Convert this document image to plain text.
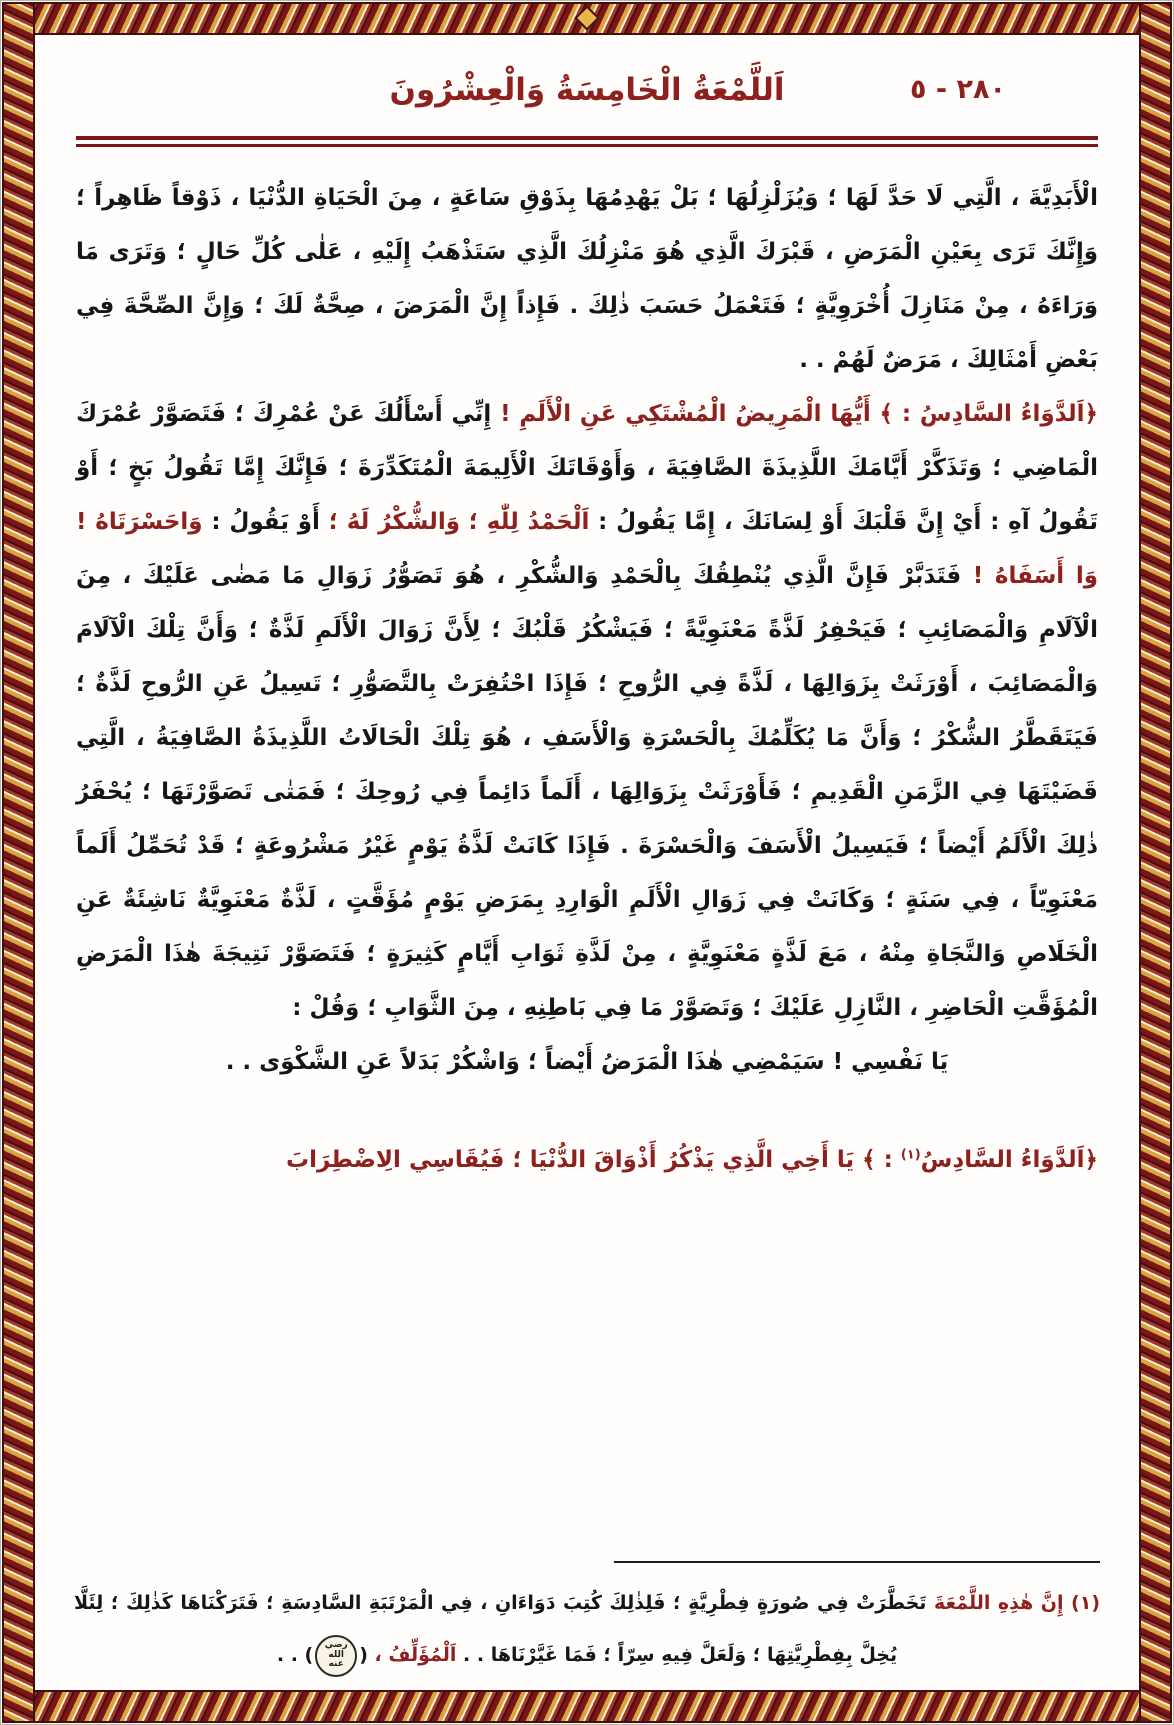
٢٨٠ - ٥
اَللَّمْعَةُ الْخَامِسَةُ وَالْعِشْرُونَ

الْأَبَدِيَّةَ ، الَّتِي لَا حَدَّ لَهَا ؛ وَيُزَلْزِلُهَا ؛ بَلْ يَهْدِمُهَا بِذَوْقِ سَاعَةٍ ، مِنَ الْحَيَاةِ الدُّنْيَا ، ذَوْقاً ظَاهِراً ؛ وَإِنَّكَ تَرَى بِعَيْنِ الْمَرَضِ ، قَبْرَكَ الَّذِي هُوَ مَنْزِلُكَ الَّذِي سَتَذْهَبُ إِلَيْهِ ، عَلٰى كُلِّ حَالٍ ؛ وَتَرَى مَا وَرَاءَهُ ، مِنْ مَنَازِلَ أُخْرَوِيَّةٍ ؛ فَتَعْمَلُ حَسَبَ ذٰلِكَ . فَإِذاً إِنَّ الْمَرَضَ ، صِحَّةٌ لَكَ ؛ وَإِنَّ الصِّحَّةَ فِي بَعْضِ أَمْثَالِكَ ، مَرَضٌ لَهُمْ . .

﴿اَلدَّوَاءُ السَّادِسُ : ﴾ أَيُّهَا الْمَرِيضُ الْمُشْتَكِي عَنِ الْأَلَمِ ! إِنِّي أَسْأَلُكَ عَنْ عُمْرِكَ ؛ فَتَصَوَّرْ عُمْرَكَ الْمَاضِي ؛ وَتَذَكَّرْ أَيَّامَكَ اللَّذِيذَةَ الصَّافِيَةَ ، وَأَوْقَاتَكَ الْأَلِيمَةَ الْمُتَكَدِّرَةَ ؛ فَإِنَّكَ إِمَّا تَقُولُ بَخٍ ؛ أَوْ تَقُولُ آهِ : أَيْ إِنَّ قَلْبَكَ أَوْ لِسَانَكَ ، إِمَّا يَقُولُ : اَلْحَمْدُ لِلّٰهِ ؛ وَالشُّكْرُ لَهُ ؛ أَوْ يَقُولُ : وَاحَسْرَتَاهُ ! وَا أَسَفَاهُ ! فَتَدَبَّرْ فَإِنَّ الَّذِي يُنْطِقُكَ بِالْحَمْدِ وَالشُّكْرِ ، هُوَ تَصَوُّرُ زَوَالِ مَا مَضٰى عَلَيْكَ ، مِنَ الْآلَامِ وَالْمَصَائِبِ ؛ فَيَحْفِرُ لَذَّةً مَعْنَوِيَّةً ؛ فَيَشْكُرُ قَلْبُكَ ؛ لِأَنَّ زَوَالَ الْأَلَمِ لَذَّةٌ ؛ وَأَنَّ تِلْكَ الْآلَامَ وَالْمَصَائِبَ ، أَوْرَثَتْ بِزَوَالِهَا ، لَذَّةً فِي الرُّوحِ ؛ فَإِذَا احْتُفِرَتْ بِالتَّصَوُّرِ ؛ تَسِيلُ عَنِ الرُّوحِ لَذَّةٌ ؛ فَيَتَقَطَّرُ الشُّكْرُ ؛ وَأَنَّ مَا يُكَلِّمُكَ بِالْحَسْرَةِ وَالْأَسَفِ ، هُوَ تِلْكَ الْحَالَاتُ اللَّذِيذَةُ الصَّافِيَةُ ، الَّتِي قَضَيْتَهَا فِي الزَّمَنِ الْقَدِيمِ ؛ فَأَوْرَثَتْ بِزَوَالِهَا ، أَلَماً دَائِماً فِي رُوحِكَ ؛ فَمَتٰى تَصَوَّرْتَهَا ؛ يُحْفَرُ ذٰلِكَ الْأَلَمُ أَيْضاً ؛ فَيَسِيلُ الْأَسَفَ وَالْحَسْرَةَ . فَإِذَا كَانَتْ لَذَّةُ يَوْمٍ غَيْرُ مَشْرُوعَةٍ ؛ قَدْ تُحَمِّلُ أَلَماً مَعْنَوِيّاً ، فِي سَنَةٍ ؛ وَكَانَتْ فِي زَوَالِ الْأَلَمِ الْوَارِدِ بِمَرَضِ يَوْمٍ مُؤَقَّتٍ ، لَذَّةٌ مَعْنَوِيَّةٌ نَاشِئَةٌ عَنِ الْخَلَاصِ وَالنَّجَاةِ مِنْهُ ، مَعَ لَذَّةٍ مَعْنَوِيَّةٍ ، مِنْ لَذَّةِ ثَوَابِ أَيَّامٍ كَثِيرَةٍ ؛ فَتَصَوَّرْ نَتِيجَةَ هٰذَا الْمَرَضِ الْمُؤَقَّتِ الْحَاضِرِ ، النَّازِلِ عَلَيْكَ ؛ وَتَصَوَّرْ مَا فِي بَاطِنِهِ ، مِنَ الثَّوَابِ ؛ وَقُلْ :

يَا نَفْسِي ! سَيَمْضِي هٰذَا الْمَرَضُ أَيْضاً ؛ وَاشْكُرْ بَدَلاً عَنِ الشَّكْوَى . .

﴿اَلدَّوَاءُ السَّادِسُ$^{(١)}$ : ﴾ يَا أَخِي الَّذِي يَذْكُرُ أَذْوَاقَ الدُّنْيَا ؛ فَيُقَاسِي الِاضْطِرَابَ

(١) إِنَّ هٰذِهِ اللَّمْعَةَ تَخَطَّرَتْ فِي صُورَةٍ فِطْرِيَّةٍ ؛ فَلِذٰلِكَ كُتِبَ دَوَاءَانِ ، فِي الْمَرْتَبَةِ السَّادِسَةِ ؛ فَتَرَكْنَاهَا كَذٰلِكَ ؛ لِئَلَّا يُخِلَّ بِفِطْرِيَّتِهَا ؛ وَلَعَلَّ فِيهِ سِرّاً ؛ فَمَا غَيَّرْنَاهَا . . اَلْمُؤَلِّفُ ، (
رضي الله عنه
) . .
